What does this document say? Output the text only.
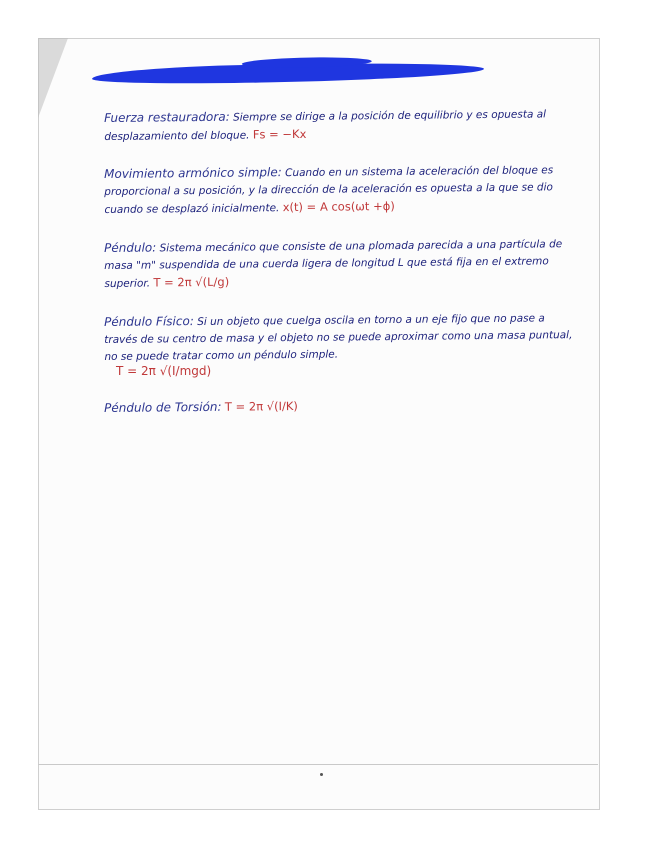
Fuerza restauradora: Siempre se dirige a la posición de equilibrio y es opuesta al desplazamiento del bloque. Fs = −Kx
Movimiento armónico simple: Cuando en un sistema la aceleración del bloque es proporcional a su posición, y la dirección de la aceleración es opuesta a la que se dio cuando se desplazó inicialmente. x(t) = A cos(ωt +ϕ)
Péndulo: Sistema mecánico que consiste de una plomada parecida a una partícula de masa "m" suspendida de una cuerda ligera de longitud L que está fija en el extremo superior. T = 2π √(L/g)
Péndulo Físico: Si un objeto que cuelga oscila en torno a un eje fijo que no pase a través de su centro de masa y el objeto no se puede aproximar como una masa puntual, no se puede tratar como un péndulo simple.
T = 2π √(I/mgd)
Péndulo de Torsión: T = 2π √(I/K)
